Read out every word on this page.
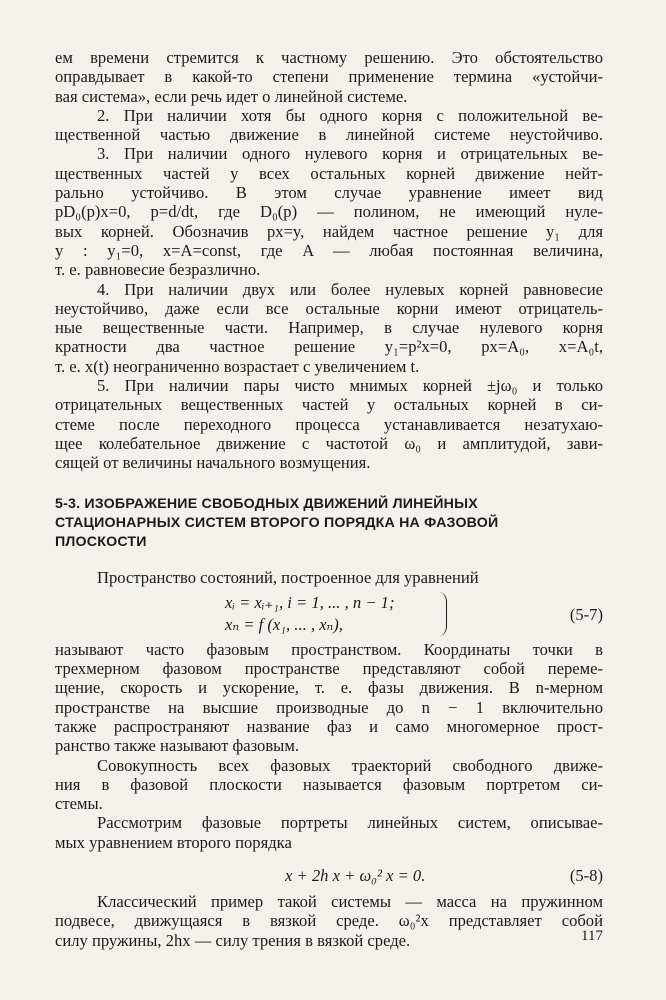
ем времени стремится к частному решению. Это обстоятельство
оправдывает в какой-то степени применение термина «устойчи-
вая система», если речь идет о линейной системе.
2. При наличии хотя бы одного корня с положительной ве-
щественной частью движение в линейной системе неустойчиво.
3. При наличии одного нулевого корня и отрицательных ве-
щественных частей у всех остальных корней движение нейт-
рально устойчиво. В этом случае уравнение имеет вид
pD₀(p)x=0, p=d/dt, где D₀(p) — полином, не имеющий нуле-
вых корней. Обозначив px=y, найдем частное решение y₁ для
y : y₁=0, x=A=const, где A — любая постоянная величина,
т. е. равновесие безразлично.
4. При наличии двух или более нулевых корней равновесие
неустойчиво, даже если все остальные корни имеют отрицатель-
ные вещественные части. Например, в случае нулевого корня
кратности два частное решение y₁=p²x=0, px=A₀, x=A₀t,
т. е. x(t) неограниченно возрастает с увеличением t.
5. При наличии пары чисто мнимых корней ±jω₀ и только
отрицательных вещественных частей у остальных корней в си-
стеме после переходного процесса устанавливается незатухаю-
щее колебательное движение с частотой ω₀ и амплитудой, зави-
сящей от величины начального возмущения.
5-3. ИЗОБРАЖЕНИЕ СВОБОДНЫХ ДВИЖЕНИЙ ЛИНЕЙНЫХ
СТАЦИОНАРНЫХ СИСТЕМ ВТОРОГО ПОРЯДКА НА ФАЗОВОЙ
ПЛОСКОСТИ
Пространство состояний, построенное для уравнений
xᵢ = xᵢ₊₁, i = 1, ... , n − 1;
xₙ = f (x₁, ... , xₙ),
(5-7)
называют часто фазовым пространством. Координаты точки в
трехмерном фазовом пространстве представляют собой переме-
щение, скорость и ускорение, т. е. фазы движения. В n-мерном
пространстве на высшие производные до n − 1 включительно
также распространяют название фаз и само многомерное прост-
ранство также называют фазовым.
Совокупность всех фазовых траекторий свободного движе-
ния в фазовой плоскости называется фазовым портретом си-
стемы.
Рассмотрим фазовые портреты линейных систем, описывае-
мых уравнением второго порядка
x + 2h x + ω₀² x = 0.	(5-8)
Классический пример такой системы — масса на пружинном
подвесе, движущаяся в вязкой среде. ω₀²x представляет собой
силу пружины, 2hx — силу трения в вязкой среде.	117
